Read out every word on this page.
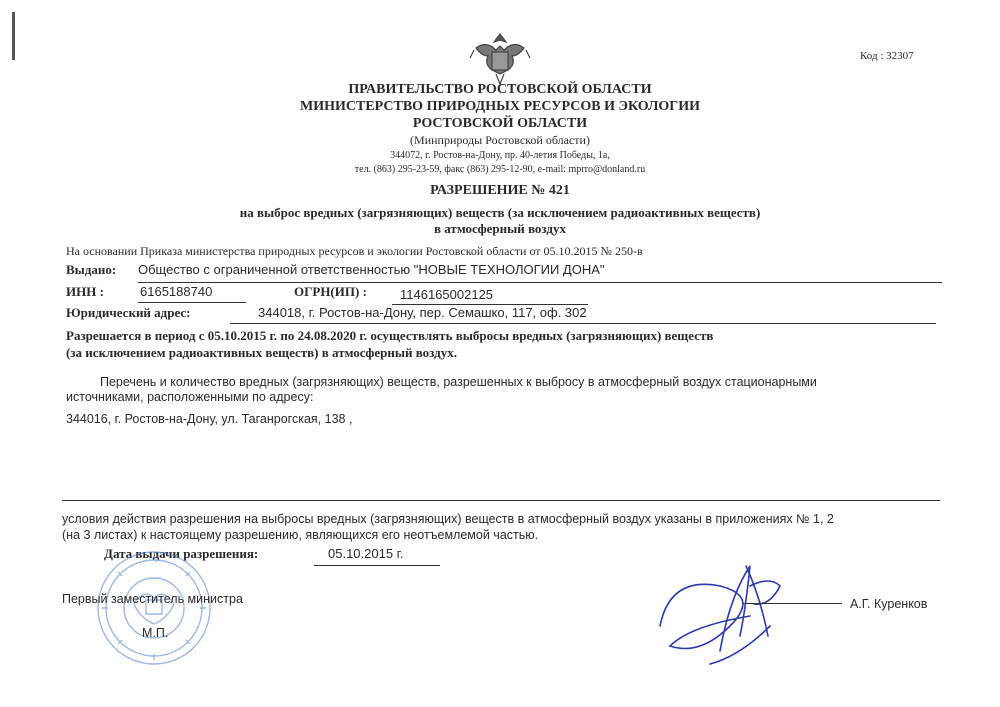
Код : 32307
ПРАВИТЕЛЬСТВО РОСТОВСКОЙ ОБЛАСТИ
МИНИСТЕРСТВО ПРИРОДНЫХ РЕСУРСОВ И ЭКОЛОГИИ
РОСТОВСКОЙ ОБЛАСТИ
(Минприроды Ростовской области)
344072, г. Ростов-на-Дону, пр. 40-летия Победы, 1а,
тел. (863) 295-23-59, факс (863) 295-12-90, e-mail: mprro@donland.ru
РАЗРЕШЕНИЕ № 421
на выброс вредных (загрязняющих) веществ (за исключением радиоактивных веществ)
в атмосферный воздух
На основании Приказа министерства природных ресурсов и экологии Ростовской области от 05.10.2015 № 250-в
Выдано: Общество с ограниченной ответственностью "НОВЫЕ ТЕХНОЛОГИИ ДОНА"
ИНН :	6165188740	ОГРН(ИП) :	1146165002125
Юридический адрес:	344018, г. Ростов-на-Дону, пер. Семашко, 117, оф. 302
Разрешается в период с 05.10.2015 г. по 24.08.2020 г. осуществлять выбросы вредных (загрязняющих) веществ
(за исключением радиоактивных веществ) в атмосферный воздух.
Перечень и количество вредных (загрязняющих) веществ, разрешенных к выбросу в атмосферный воздух стационарными
источниками, расположенными по адресу:
344016, г. Ростов-на-Дону, ул. Таганрогская, 138 ,
условия действия разрешения на выбросы вредных (загрязняющих) веществ в атмосферный воздух указаны в приложениях № 1, 2
(на 3 листах) к настоящему разрешению, являющихся его неотъемлемой частью.
Дата выдачи разрешения:	05.10.2015 г.
Первый заместитель министра
М.П.
А.Г. Куренков
